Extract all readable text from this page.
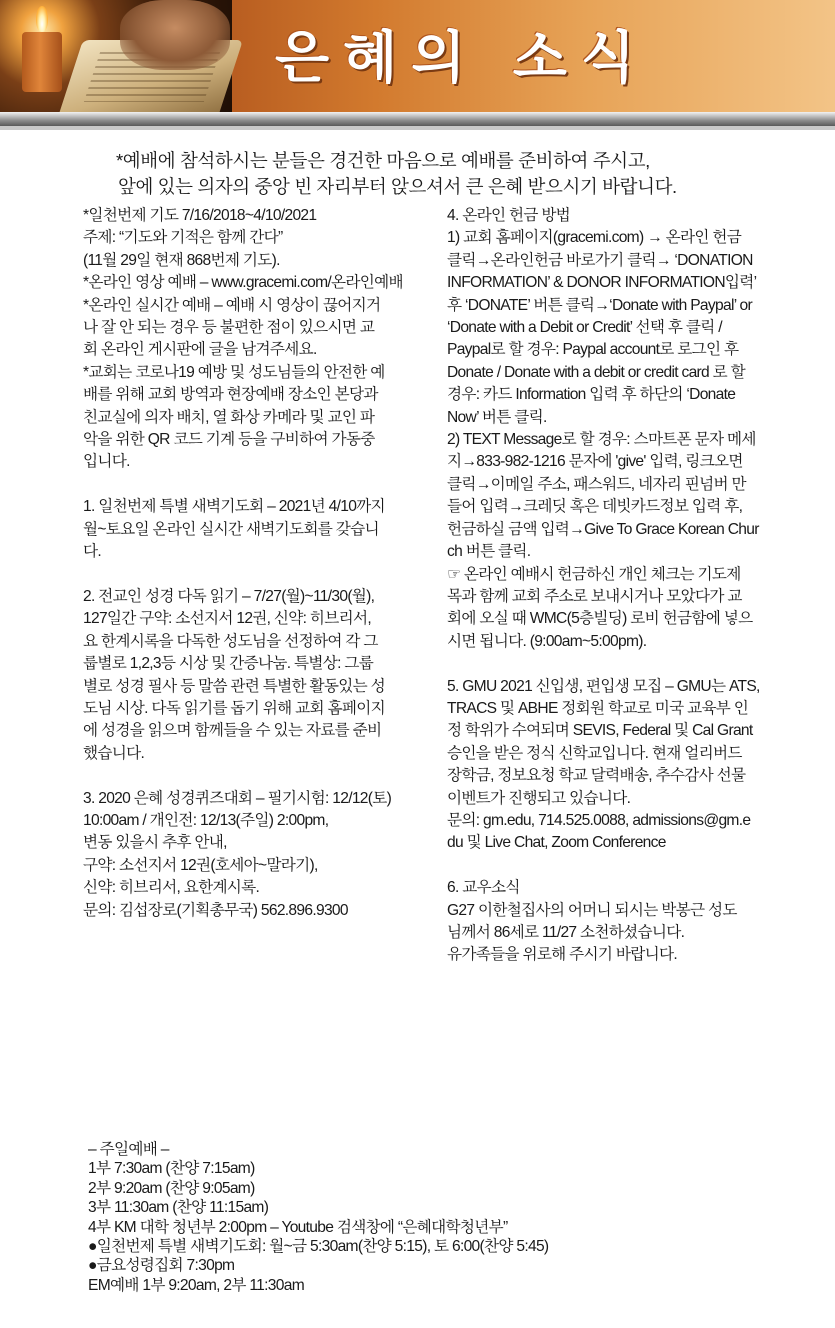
은혜의 소식
*예배에 참석하시는 분들은 경건한 마음으로 예배를 준비하여 주시고,
앞에 있는 의자의 중앙 빈 자리부터 앉으셔서 큰 은혜 받으시기 바랍니다.

*일천번제 기도 7/16/2018~4/10/2021

주제: “기도와 기적은 함께 간다”

(11월 29일 현재 868번제 기도).

*온라인 영상 예배 – www.gracemi.com/온라인예배

*온라인 실시간 예배 – 예배 시 영상이 끊어지거

나 잘 안 되는 경우 등 불편한 점이 있으시면 교

회 온라인 게시판에 글을 남겨주세요.

*교회는 코로나19 예방 및 성도님들의 안전한 예

배를 위해 교회 방역과 현장예배 장소인 본당과

친교실에 의자 배치, 열 화상 카메라 및 교인 파

악을 위한 QR 코드 기계 등을 구비하여 가동중

입니다.

1. 일천번제 특별 새벽기도회 – 2021년 4/10까지

월~토요일 온라인 실시간 새벽기도회를 갖습니

다.

2. 전교인 성경 다독 읽기 – 7/27(월)~11/30(월),

127일간 구약: 소선지서 12권, 신약: 히브리서,

요 한계시록을 다독한 성도님을 선정하여 각 그

룹별로 1,2,3등 시상 및 간증나눔. 특별상: 그룹

별로 성경 필사 등 말씀 관련 특별한 활동있는 성

도님 시상. 다독 읽기를 돕기 위해 교회 홈페이지

에 성경을 읽으며 함께들을 수 있는 자료를 준비

했습니다.

3. 2020 은혜 성경퀴즈대회 – 필기시험: 12/12(토)

10:00am / 개인전: 12/13(주일) 2:00pm,

변동 있을시 추후 안내,

구약: 소선지서 12권(호세아~말라기),

신약: 히브리서, 요한계시록.

문의: 김섭장로(기획총무국) 562.896.9300

4. 온라인 헌금 방법

1) 교회 홈페이지(gracemi.com) → 온라인 헌금

클릭→온라인헌금 바로가기 클릭→ ‘DONATION

INFORMATION’ & DONOR INFORMATION입력’

후 ‘DONATE’ 버튼 클릭→‘Donate with Paypal’ or

‘Donate with a Debit or Credit’ 선택 후 클릭 /

Paypal로 할 경우: Paypal account로 로그인 후

Donate / Donate with a debit or credit card 로 할

경우: 카드 Information 입력 후 하단의 ‘Donate

Now’ 버튼 클릭.

2) TEXT Message로 할 경우: 스마트폰 문자 메세

지→833-982-1216 문자에 'give' 입력, 링크오면

클릭→이메일 주소, 패스워드, 네자리 핀넘버 만

들어 입력→크레딧 혹은 데빗카드정보 입력 후,

헌금하실 금액 입력→Give To Grace Korean Chur

ch 버튼 클릭.

☞ 온라인 예배시 헌금하신 개인 체크는 기도제

목과 함께 교회 주소로 보내시거나 모았다가 교

회에 오실 때 WMC(5층빌딩) 로비 헌금함에 넣으

시면 됩니다. (9:00am~5:00pm).

5. GMU 2021 신입생, 편입생 모집 – GMU는 ATS,

TRACS 및 ABHE 정회원 학교로 미국 교육부 인

정 학위가 수여되며 SEVIS, Federal 및 Cal Grant

승인을 받은 정식 신학교입니다. 현재 얼리버드

장학금, 정보요청 학교 달력배송, 추수감사 선물

이벤트가 진행되고 있습니다.

문의: gm.edu, 714.525.0088, admissions@gm.e

du 및 Live Chat, Zoom Conference

6. 교우소식

G27 이한철집사의 어머니 되시는 박봉근 성도

님께서 86세로 11/27 소천하셨습니다.

유가족들을 위로해 주시기 바랍니다.

– 주일예배 –

1부 7:30am (찬양 7:15am)

2부 9:20am (찬양 9:05am)

3부 11:30am (찬양 11:15am)

4부 KM 대학 청년부 2:00pm – Youtube 검색창에 “은혜대학청년부”

●일천번제 특별 새벽기도회: 월~금 5:30am(찬양 5:15), 토 6:00(찬양 5:45)

●금요성령집회 7:30pm

EM예배 1부 9:20am, 2부 11:30am
